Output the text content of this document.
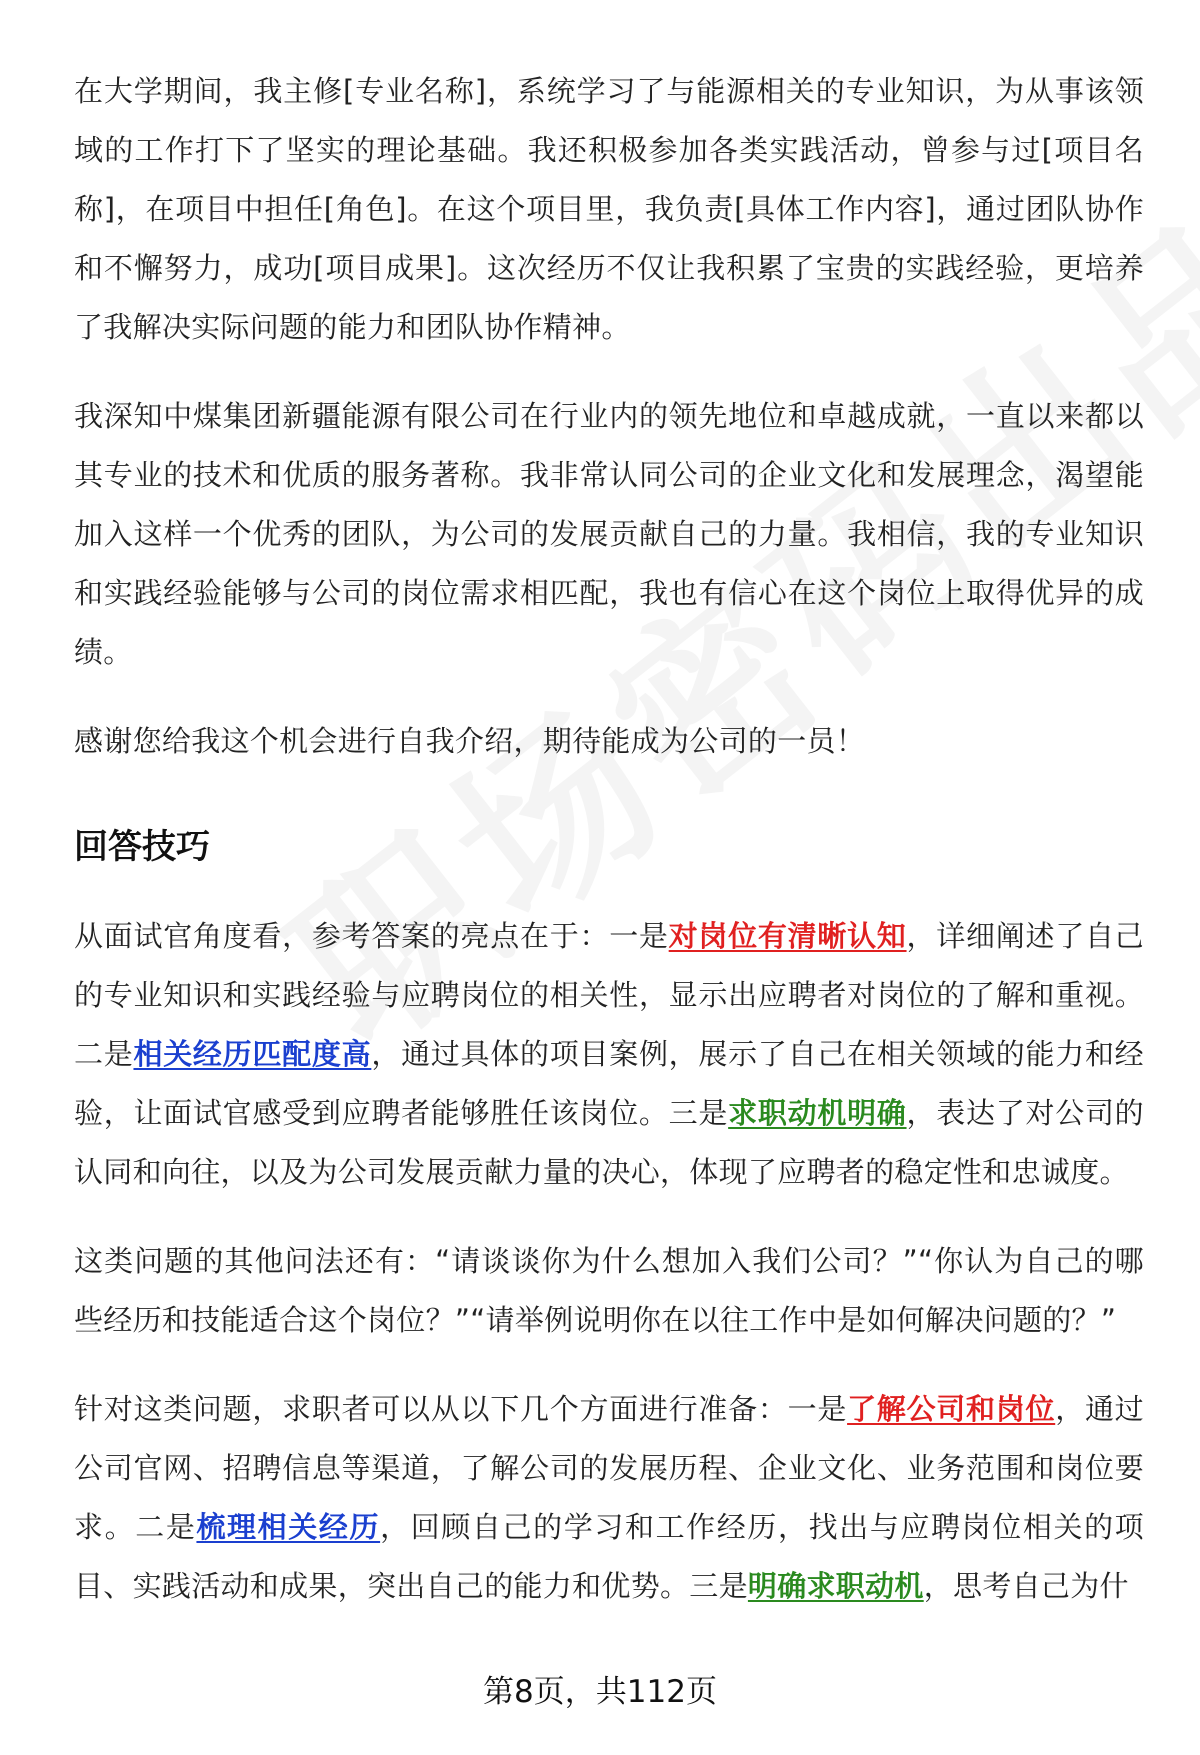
在大学期间，我主修[专业名称]，系统学习了与能源相关的专业知识，为从事该领域的工作打下了坚实的理论基础。我还积极参加各类实践活动，曾参与过[项目名称]，在项目中担任[角色]。在这个项目里，我负责[具体工作内容]，通过团队协作和不懈努力，成功[项目成果]。这次经历不仅让我积累了宝贵的实践经验，更培养了我解决实际问题的能力和团队协作精神。

我深知中煤集团新疆能源有限公司在行业内的领先地位和卓越成就，一直以来都以其专业的技术和优质的服务著称。我非常认同公司的企业文化和发展理念，渴望能加入这样一个优秀的团队，为公司的发展贡献自己的力量。我相信，我的专业知识和实践经验能够与公司的岗位需求相匹配，我也有信心在这个岗位上取得优异的成绩。

感谢您给我这个机会进行自我介绍，期待能成为公司的一员！

回答技巧

从面试官角度看，参考答案的亮点在于：一是对岗位有清晰认知，详细阐述了自己的专业知识和实践经验与应聘岗位的相关性，显示出应聘者对岗位的了解和重视。二是相关经历匹配度高，通过具体的项目案例，展示了自己在相关领域的能力和经验，让面试官感受到应聘者能够胜任该岗位。三是求职动机明确，表达了对公司的认同和向往，以及为公司发展贡献力量的决心，体现了应聘者的稳定性和忠诚度。

这类问题的其他问法还有：“请谈谈你为什么想加入我们公司？”“你认为自己的哪些经历和技能适合这个岗位？”“请举例说明你在以往工作中是如何解决问题的？”

针对这类问题，求职者可以从以下几个方面进行准备：一是了解公司和岗位，通过公司官网、招聘信息等渠道，了解公司的发展历程、企业文化、业务范围和岗位要求。二是梳理相关经历，回顾自己的学习和工作经历，找出与应聘岗位相关的项目、实践活动和成果，突出自己的能力和优势。三是明确求职动机，思考自己为什

第8页，共112页
